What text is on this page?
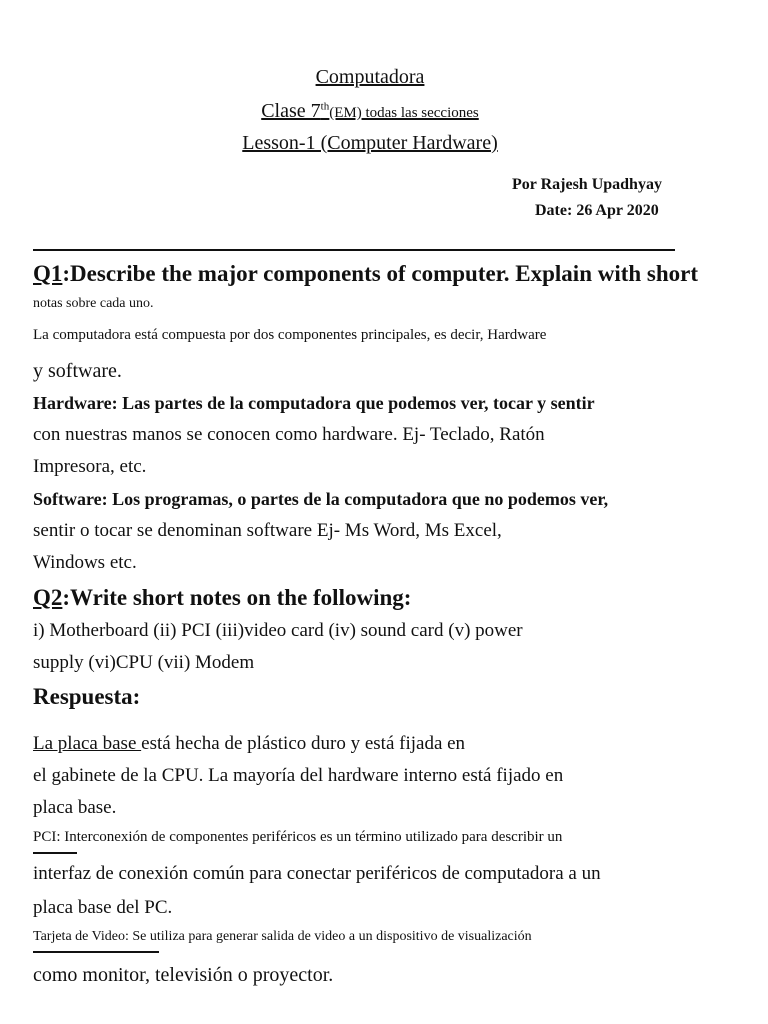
Computadora
Clase 7th(EM) todas las secciones
Lesson-1 (Computer Hardware)
Por Rajesh Upadhyay
Date: 26 Apr 2020
Q1:Describe the major components of computer. Explain with short
notas sobre cada uno.
La computadora está compuesta por dos componentes principales, es decir, Hardware
y software.
Hardware: Las partes de la computadora que podemos ver, tocar y sentir
con nuestras manos se conocen como hardware. Ej- Teclado, Ratón
Impresora, etc.
Software: Los programas, o partes de la computadora que no podemos ver,
sentir o tocar se denominan software Ej- Ms Word, Ms Excel,
Windows etc.
Q2:Write short notes on the following:
i) Motherboard (ii) PCI (iii)video card (iv) sound card (v) power
supply (vi)CPU (vii) Modem
Respuesta:
La placa base está hecha de plástico duro y está fijada en
el gabinete de la CPU. La mayoría del hardware interno está fijado en
placa base.
PCI: Interconexión de componentes periféricos es un término utilizado para describir un
interfaz de conexión común para conectar periféricos de computadora a un
placa base del PC.
Tarjeta de Video: Se utiliza para generar salida de video a un dispositivo de visualización
como monitor, televisión o proyector.
